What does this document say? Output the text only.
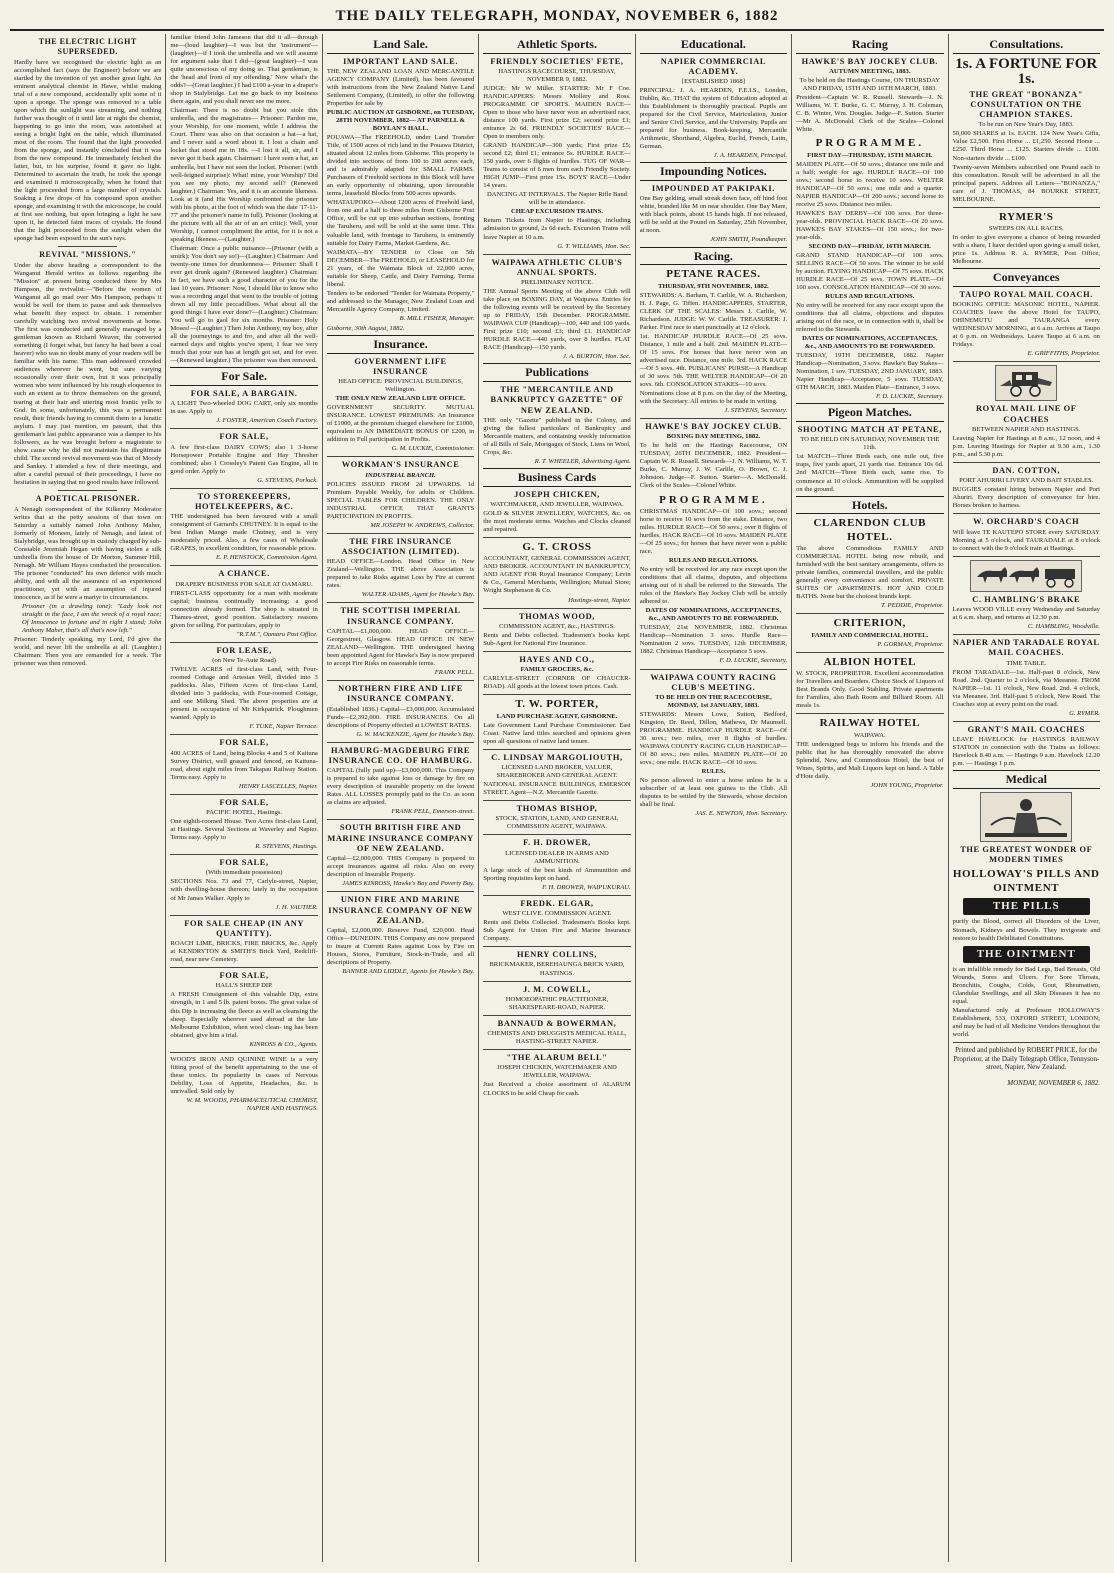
THE DAILY TELEGRAPH, MONDAY, NOVEMBER 6, 1882
THE ELECTRIC LIGHT SUPERSEDED.

Hardly have we recognised the electric light as an accomplished fact (says the Engineer) before we are startled by the invention of yet another great light. An eminent analytical chemist in Hawe, whilst making trial of a new compound, accidentally split some of it upon a sponge. The sponge was removed to a table upon which the sunlight was streaming, and nothing further was thought of it until late at night the chemist, happening to go into the room, was astonished at seeing a bright light on the table, which illuminated most of the room. The found that the light proceeded from the sponge, and instantly concluded that it was from the new compound. He immediately fetched the latter, but, to his surprise, found it gave no light. Determined to ascertain the truth, he took the sponge and examined it microscopically, when he found that the light proceeded from a large number of crystals. Soaking a few drops of his compound upon another sponge, and examining it with the microscope, he could at first see nothing, but upon bringing a light he saw upon it, he detected faint traces of crystals. He found that the light proceeded from the sunlight when the sponge had been exposed to the sun's rays.

REVIVAL "MISSIONS."

Under the above heading a correspondent to the Wanganui Herald writes as follows regarding the "Mission" at present being conducted there by Mrs Hampson, the revivalist:—"Before the women of Wanganui all go mad over Mrs Hampson, perhaps it would be well for them to pause and ask themselves what benefit they expect to obtain. I remember carefully watching two revival movements at home. The first was conducted and generally managed by a gentleman known as Richard Weaver, the converted something (I forget what, but fancy he had been a coal heaver) who was no doubt many of your readers will be familiar with his name. This man addressed crowded audiences wherever he went, but sure varying occasionally over their own, but it was principally women who were influenced by his rough eloquence to such an extent as to throw themselves on the ground, tearing at their hair and uttering most frantic yells to God. In some, unfortunately, this was a permanent result, their friends having to commit them to a lunatic asylum. I may just mention, en passant, that this gentleman's last public appearance was a damper to his followers, as he was brought before a magistrate to show cause why he did not maintain his illegitimate child. The second revival movement was that of Moody and Sankey. I attended a few of their meetings, and after a careful perusal of their proceedings, I have no hesitation in saying that no good results have followed.

A POETICAL PRISONER.

A Nenagh correspondent of the Kilkenny Moderator writes that at the petty sessions of that town on Saturday a suitably named John Anthony Maher, formerly of Moneen, lately of Nenagh, and latest of Stalybridge, was brought up in custody charged by sub-Constable Jeremiah Hegan with having stolen a silk umbrella from the house of Dr Morton, Summer Hill, Nenagh. Mr William Hayes conducted the prosecution. The prisoner "conducted" his own defence with much ability, and with all the assurance of an experienced practitioner, yet with an assumption of injured innocence, as if he were a martyr to circumstances.

Prisoner (in a drawling tone): "Lady look not straight in the face, I am the wreck of a royal race; Of Innocence in fortune and in right I stand; John Anthony Maher, that's all that's now left."

Prisoner: Tenderly speaking, my Lord, I'd give the world, and never lift the umbrella at all. (Laughter.) Chairman: Then you are remanded for a week. The prisoner was then removed.

familiar friend John Jameson that did it all—through me—(loud laughter)—I was but the 'instrument'—(laughter)—if I took the umbrella and we will assume for argument sake that I did—(great laughter)—I was quite unconscious of my doing so. That gentleman, is the 'head and front of my offending.' Now what's the odds?—(Great laughter.) I had £100 a-year in a draper's shop in Stalybridge. Let me go back to my business there again, and you shall never see me more.

Chairman: There is no doubt but you stole this umbrella, and the magistrates— Prisoner: Pardon me, your Worship, for one moment, while I address the Court. There was also on that occasion a hat—a hat, and I never said a word about it. I lost a chain and locket that stood me in 18s. —I lost it all, sir, and I never got it back again. Chairman: I have seen a hat, an umbrella, but I have not seen the locket. Prisoner: (with well-feigned surprise): What! mine, your Worship? Did you see my photo, my second self? (Renewed laughter.) Chairman: Yes, and it is an accurate likeness. Look at it (and His Worship confronted the prisoner with his photo, at the foot of which was the date '17-11-77' and the prisoner's name in full). Prisoner (looking at the picture with all the air of an art critic): Well, your Worship, I cannot compliment the artist, for it is not a speaking likeness.—(Laughter.)

Chairman: Once a public nuisance—(Prisoner (with a smirk): You don't say so!)—(Laughter.) Chairman: And twenty-one times for drunkenness— Prisoner: Shall I ever get drunk again? (Renewed laughter.) Chairman: In fact, we have such a good character of you for the last 10 years. Prisoner: Now, I should like to know who was a recording angel that went to the trouble of jotting down all my little peccadilloes. What about all the good things I have ever done?—(Laughter.) Chairman: You will go to gaol for six months. Prisoner: Holy Moses!—(Laughter.) Then John Anthony, my boy, after all the journeyings to and fro, and after all the well-earned days and nights you've spent, I fear we very much that your sun has at length got set, and for ever.—(Renewed laughter.) The prisoner was then removed.

For Sale.
FOR SALE, A BARGAIN.

A LIGHT Two-wheeled DOG CART, only six months in use. Apply to

J. FOSTER, American Coach Factory.

FOR SALE,

A few first-class DAIRY COWS; also 1 3-horse Horsepower Portable Engine and Hay Thresher combined; also 1 Crossley's Patent Gas Engine, all in good order. Apply to

G. STEVENS, Porlock.

TO STOREKEEPERS, HOTELKEEPERS, &C.

THE undersigned has been favoured with a small consignment of Garrard's CHUTNEY. It is equal to the best Indian Mango made Chutney, and is very moderately priced. Also, a few cases of Wholesale GRAPES, in excellent condition, for reasonable prices.

E. P. HENSTOCK, Commission Agent.

A CHANCE.

DRAPERY BUSINESS FOR SALE AT OAMARU.

FIRST-CLASS opportunity for a man with moderate capital; business continually increasing; a good connection already formed. The shop is situated in Thames-street, good position. Satisfactory reasons given for selling. For particulars, apply to

"R.T.M.", Oamaru Post Office.

FOR LEASE,

(on New Te-Aute Road)

TWELVE ACRES of first-class Land, with Four-roomed Cottage and Artesian Well, divided into 3 paddocks. Also, Fifteen Acres of first-class Land, divided into 3 paddocks, with Four-roomed Cottage, and one Milking Shed. The above properties are at present in occupation of Mr Kirkpatrick. Ploughmen wanted. Apply to

F. TUKE, Napier Terrace.

FOR SALE,

400 ACRES of Land, being Blocks 4 and 5 of Kaituna Survey District, well grassed and fenced, on Kaituna-road, about eight miles from Takapau Railway Station. Terms easy. Apply to

HENRY LASCELLES, Napier.

FOR SALE,

PACIFIC HOTEL, Hastings.

One eighth-roomed House. Two Acres first-class Land, at Hastings. Several Sections at Waverley and Napier. Terms easy. Apply to

R. STEVENS, Hastings.

FOR SALE,

(With immediate possession)

SECTIONS Nos. 73 and 77, Carlyle-street, Napier, with dwelling-house thereon; lately in the occupation of Mr James Walker. Apply to

J. H. VAUTIER.

FOR SALE CHEAP (IN ANY QUANTITY).

ROACH LIME, BRICKS, FIRE BRICKS, &c. Apply at KENDRYTON & SMITH'S Brick Yard, Redcliff-road, near new Cemetery.

FOR SALE,

HALL'S SHEEP DIP.

A FRESH Consignment of this valuable Dip, extra strength, in 1 and 5 lb. patent boxes. The great value of this Dip is increasing the fleece as well as cleansing the sheep. Especially wherever used abroad at the late Melbourne Exhibition, when wool clean- ing has been obtained, give him a trial.

KINROSS & CO., Agents.

WOOD'S IRON AND QUININE WINE is a very fitting proof of the benefit appertaining to the use of these tonics. Its popularity in cases of Nervous Debility, Loss of Appetite, Headaches, &c. is unrivalled. Sold only by

W. M. WOODS, PHARMACEUTICAL CHEMIST, NAPIER AND HASTINGS.

Land Sale.
IMPORTANT LAND SALE.

THE NEW ZEALAND LOAN AND MERCANTILE AGENCY COMPANY (Limited), has been favoured with instructions from the New Zealand Native Land Settlement Company, (Limited), to offer the following Properties for sale by

PUBLIC AUCTION AT GISBORNE, on TUESDAY, 28TH NOVEMBER, 1882— AT PARNELL & BOYLAN'S HALL.

POUAWA—The FREEHOLD, under Land Transfer Title, of 1500 acres of rich land in the Pouawa District, situated about 12 miles from Gisborne. This property is divided into sections of from 100 to 200 acres each, and is admirably adapted for SMALL FARMS. Purchasers of Freehold sections in this Block will have an early opportunity of obtaining, upon favourable terms, leasehold Blocks from 500 acres upwards.

WHATAUPOKO—About 1200 acres of Freehold land, from one and a half to three miles from Gisborne Post Office, will be cut up into suburban sections, fronting the Taruheru, and will be sold at the same time. This valuable land, with frontage to Taruheru, is eminently suitable for Dairy Farms, Market Gardens, &c.

WAIMATA—BY TENDER to Close on 5th DECEMBER—The FREEHOLD, or LEASEHOLD for 21 years, of the Waimata Block of 22,000 acres, suitable for Sheep, Cattle, and Dairy Farming. Terms liberal.

Tenders to be endorsed "Tender for Waimata Property," and addressed to the Manager, New Zealand Loan and Mercantile Agency Company, Limited.

B. MILL FISHER, Manager.

Gisborne, 30th August, 1882.

Insurance.
GOVERNMENT LIFE INSURANCE

HEAD OFFICE: PROVINCIAL BUILDINGS, Wellington.

THE ONLY NEW ZEALAND LIFE OFFICE.

GOVERNMENT SECURITY. MUTUAL INSURANCE. LOWEST PREMIUMS. An Insurance of £1000, at the premium charged elsewhere for £1000, equivalent to AN IMMEDIATE BONUS OF £200, in addition to Full participation in Profits.

G. M. LUCKIE, Commissioner.

WORKMAN'S INSURANCE

INDUSTRIAL BRANCH.

POLICIES ISSUED FROM 2d UPWARDS. 1d Premium Payable Weekly, for adults or Children. SPECIAL TABLES FOR CHILDREN. THE ONLY INDUSTRIAL OFFICE THAT GRANTS PARTICIPATION IN PROFITS.

MR JOSEPH W. ANDREWS, Collector.

THE FIRE INSURANCE ASSOCIATION (LIMITED).

HEAD OFFICE—London. Head Office in New Zealand—Wellington. THE above Association is prepared to take Risks against Loss by Fire at current rates.

WALTER ADAMS, Agent for Hawke's Bay.

THE SCOTTISH IMPERIAL INSURANCE COMPANY.

CAPITAL—£1,000,000. HEAD OFFICE—Georgestreet, Glasgow. HEAD OFFICE IN NEW ZEALAND—Wellington. THE undersigned having been appointed Agent for Hawke's Bay is now prepared to accept Fire Risks on reasonable terms.

FRANK PELL.

NORTHERN FIRE AND LIFE INSURANCE COMPANY.

(Established 1836.) Capital—£3,000,000. Accumulated Funds—£2,392,000. FIRE INSURANCES. On all descriptions of Property effected at LOWEST RATES.

G. W. MACKENZIE, Agent for Hawke's Bay.

HAMBURG-MAGDEBURG FIRE INSURANCE CO. OF HAMBURG.

CAPITAL (fully paid up)—£3,000,000. This Company is prepared to take against loss or damage by fire on every description of insurable property on the lowest Rates. ALL LOSSES promptly paid to the Co. as soon as claims are adjusted.

FRANK PELL, Emerson-street.

SOUTH BRITISH FIRE AND MARINE INSURANCE COMPANY OF NEW ZEALAND.

Capital—£2,000,000. THIS Company is prepared to accept insurances against all risks. Also on every description of Insurable Property.

JAMES KINROSS, Hawke's Bay and Poverty Bay.

UNION FIRE AND MARINE INSURANCE COMPANY OF NEW ZEALAND.

Capital, £2,000,000. Reserve Fund, £20,000. Head Office—DUNEDIN. THIS Company are now prepared to insure at Current Rates against Loss by Fire on Houses, Stores, Furniture, Stock-in-Trade, and all descriptions of Property.

BANNER AND LIDDLE, Agents for Hawke's Bay.

Athletic Sports.
FRIENDLY SOCIETIES' FETE,

HASTINGS RACECOURSE, THURSDAY, NOVEMBER 9, 1882.

JUDGE: Mr W Miller. STARTER: Mr F Coe. HANDICAPPERS: Messrs Mollery and Ross. PROGRAMME OF SPORTS. MAIDEN RACE—Open to those who have never won an advertised race, distance 100 yards. First prize £2; second prize £1; entrance 2s 6d. FRIENDLY SOCIETIES' RACE—Open to members only.

GRAND HANDICAP—300 yards; First prize £5; second £2; third £1; entrance 5s. HURDLE RACE—150 yards, over 6 flights of hurdles. TUG OF WAR—Teams to consist of 6 men from each Friendly Society. HIGH JUMP—First prize 15s. BOYS' RACE—Under 14 years.

DANCING AT INTERVALS. The Napier Rifle Band will be in attendance.

CHEAP EXCURSION TRAINS.

Return Tickets from Napier to Hastings, including admission to ground, 2s 6d each. Excursion Trains will leave Napier at 10 a.m.

G. T. WILLIAMS, Hon. Sec.

WAIPAWA ATHLETIC CLUB'S ANNUAL SPORTS.

PRELIMINARY NOTICE.

THE Annual Sports Meeting of the above Club will take place on BOXING DAY, at Waipawa. Entries for the following events will be received by the Secretary up to FRIDAY, 15th December. PROGRAMME. WAIPAWA CUP (Handicap)—100, 440 and 100 yards. First prize £10; second £3; third £1. HANDICAP HURDLE RACE—440 yards, over 8 hurdles. FLAT RACE (Handicap)—150 yards.

J. A. BURTON, Hon. Sec.

Publications
THE "MERCANTILE AND BANKRUPTCY GAZETTE" OF NEW ZEALAND.

THE only "Gazette" published in the Colony, and giving the fullest particulars of Bankruptcy and Mercantile matters, and containing weekly information of all Bills of Sale, Mortgages of Stock, Liens on Wool, Crops, &c.

R. T. WHEELER, Advertising Agent.

Business Cards
JOSEPH CHICKEN,

WATCHMAKER, AND JEWELLER, WAIPAWA.

GOLD & SILVER JEWELLERY, WATCHES, &c. on the most moderate terms. Watches and Clocks cleaned and repaired.

G. T. CROSS

ACCOUNTANT, GENERAL COMMISSION AGENT, AND BROKER. ACCOUNTANT IN BANKRUPTCY, AND AGENT FOR Royal Insurance Company; Levin & Co., General Merchants, Wellington; Mutual Store; Wright Stephenson & Co.

Hastings-street, Napier.

THOMAS WOOD,

COMMISSION AGENT, &c., HASTINGS.

Rents and Debts collected. Tradesmen's books kept. Sub-Agent for National Fire Insurance.

HAYES AND CO.,

FAMILY GROCERS, &c.

CARLYLE-STREET (CORNER OF CHAUCER-ROAD). All goods at the lowest town prices. Cash.

T. W. PORTER,

LAND PURCHASE AGENT, GISBORNE.

Late Government Land Purchase Commissioner. East Coast. Native land titles searched and opinions given upon all questions of native land tenure.

C. LINDSAY MARGOLIOUTH,

LICENSED LAND BROKER, VALUER, SHAREBROKER AND GENERAL AGENT.

NATIONAL INSURANCE BUILDINGS, EMERSON STREET. Agent—N.Z. Mercantile Gazette.

THOMAS BISHOP,

STOCK, STATION, LAND, AND GENERAL COMMISSION AGENT, WAIPAWA.

F. H. DROWER,

LICENSED DEALER IN ARMS AND AMMUNITION.

A large stock of the best kinds of Ammunition and Sporting requisites kept on hand.

F. H. DROWER, WAIPUKURAU.

FREDK. ELGAR,

WEST CLIVE. COMMISSION AGENT.

Rents and Debts Collected. Tradesmen's Books kept. Sub Agent for Union Fire and Marine Insurance Company.

HENRY COLLINS,

BRICKMAKER, BEREHAUNGA BRICK YARD, HASTINGS.

J. M. COWELL,

HOMOEOPATHIC PRACTITIONER, SHAKESPEARE-ROAD, NAPIER.

BANNAUD & BOWERMAN,

CHEMISTS AND DRUGGISTS MEDICAL HALL, HASTING-STREET NAPIER.

"THE ALARUM BELL"

JOSEPH CHICKEN, WATCHMAKER AND JEWELLER, WAIPAWA.

Just Received a choice assortment of ALARUM CLOCKS to be sold Cheap for cash.

Educational.
NAPIER COMMERCIAL ACADEMY.

[ESTABLISHED 1868]

PRINCIPAL: J. A. HEARDEN, F.E.I.S., London, Dublin, &c. THAT the system of Education adopted at this Establishment is thoroughly practical. Pupils are prepared for the Civil Service, Matriculation, Junior and Senior Civil Service, and the University. Pupils are prepared for business. Book-keeping, Mercantile Arithmetic, Shorthand, Algebra, Euclid, French, Latin, German.

J. A. HEARDEN, Principal.

Impounding Notices.
IMPOUNDED AT PAKIPAKI.

One Bay gelding, small streak down face, off hind foot white, branded like M on near shoulder. One Bay Mare, with black points, about 15 hands high. If not released, will be sold at the Pound on Saturday, 25th November, at noon.

JOHN SMITH, Poundkeeper.

Racing.
PETANE RACES.

THURSDAY, 9TH NOVEMBER, 1882.

STEWARDS: A. Barham, T. Carlile, W. A. Richardson, H. J. Page, G. Tiffen. HANDICAPPERS, STARTER, CLERK OF THE SCALES: Messrs J. Carlile, W. Richardson. JUDGE: W. W. Carlile. TREASURER: J. Parker. First race to start punctually at 12 o'clock.

1st. HANDICAP HURDLE RACE—Of 25 sovs. Distance, 1 mile and a half. 2nd. MAIDEN PLATE—Of 15 sovs. For horses that have never won an advertised race. Distance, one mile. 3rd. HACK RACE—Of 5 sovs. 4th. PUBLICANS' PURSE—A Handicap of 30 sovs. 5th. THE WELTER HANDICAP—Of 20 sovs. 6th. CONSOLATION STAKES—10 sovs.

Nominations close at 8 p.m. on the day of the Meeting, with the Secretary. All entries to be made in writing.

J. STEVENS, Secretary.

HAWKE'S BAY JOCKEY CLUB.

BOXING DAY MEETING, 1882.

To be held on the Hastings Racecourse, ON TUESDAY, 26TH DECEMBER, 1882. President—Captain W. R. Russell. Stewards—J. N. Williams, W. T. Burke, C. Murray, J. W. Carlile, O. Brown, C. J. Johnston. Judge—F. Sutton. Starter—A. McDonald. Clerk of the Scales—Colonel White.

PROGRAMME.

CHRISTMAS HANDICAP—Of 100 sovs.; second horse to receive 10 sovs from the stake. Distance, two miles. HURDLE RACE—Of 50 sovs.; over 8 flights of hurdles. HACK RACE—Of 10 sovs. MAIDEN PLATE—Of 25 sovs.; for horses that have never won a public race.

RULES AND REGULATIONS.

No entry will be received for any race except upon the conditions that all claims, disputes, and objections arising out of it shall be referred to the Stewards. The rules of the Hawke's Bay Jockey Club will be strictly adhered to.

DATES OF NOMINATIONS, ACCEPTANCES, &c., AND AMOUNTS TO BE FORWARDED.

TUESDAY, 21st NOVEMBER, 1882. Christmas Handicap—Nomination 3 sovs. Hurdle Race—Nomination 2 sovs. TUESDAY, 12th DECEMBER, 1882. Christmas Handicap—Acceptance 5 sovs.

F. D. LUCKIE, Secretary.

WAIPAWA COUNTY RACING CLUB'S MEETING.

TO BE HELD ON THE RACECOURSE, MONDAY, 1st JANUARY, 1883.

STEWARDS: Messrs Lowe, Sutton, Bedford, Kingston, Dr. Reed, Dillon, Mathews, Dr Maunsell. PROGRAMME. HANDICAP HURDLE RACE—Of 30 sovs.; two miles, over 8 flights of hurdles. WAIPAWA COUNTY RACING CLUB HANDICAP—Of 80 sovs.; two miles. MAIDEN PLATE—Of 20 sovs.; one mile. HACK RACE—Of 10 sovs.

RULES.

No person allowed to enter a horse unless he is a subscriber of at least one guinea to the Club. All disputes to be settled by the Stewards, whose decision shall be final.

JAS. E. NEWTON, Hon. Secretary.

Racing
HAWKE'S BAY JOCKEY CLUB.

AUTUMN MEETING, 1883.

To be held on the Hastings Course, ON THURSDAY AND FRIDAY, 15TH AND 16TH MARCH, 1883.

President—Captain W. R. Russell. Stewards—J. N. Williams, W. T. Burke, G. C. Murray, J. H. Coleman, C. B. Winter, Wm. Douglas. Judge—F. Sutton. Starter—Mr A. McDonald. Clerk of the Scales—Colonel White.

PROGRAMME.

FIRST DAY—THURSDAY, 15TH MARCH.

MAIDEN PLATE—Of 50 sovs.; distance one mile and a half; weight for age. HURDLE RACE—Of 100 sovs.; second horse to receive 10 sovs. WELTER HANDICAP—Of 50 sovs.; one mile and a quarter. NAPIER HANDICAP—Of 200 sovs.; second horse to receive 25 sovs. Distance two miles.

HAWKE'S BAY DERBY—Of 100 sovs. For three-year-olds. PROVINCIAL HACK RACE—Of 20 sovs. HAWKE'S BAY STAKES—Of 150 sovs.; for two-year-olds.

SECOND DAY—FRIDAY, 16TH MARCH.

GRAND STAND HANDICAP—Of 100 sovs. SELLING RACE—Of 50 sovs. The winner to be sold by auction. FLYING HANDICAP—Of 75 sovs. HACK HURDLE RACE—Of 25 sovs. TOWN PLATE—Of 100 sovs. CONSOLATION HANDICAP—Of 30 sovs.

RULES AND REGULATIONS.

No entry will be received for any race except upon the conditions that all claims, objections and disputes arising out of the race, or in connection with it, shall be referred to the Stewards.

DATES OF NOMINATIONS, ACCEPTANCES, &c., AND AMOUNTS TO BE FORWARDED.

TUESDAY, 19TH DECEMBER, 1882. Napier Handicap—Nomination, 3 sovs. Hawke's Bay Stakes—Nomination, 1 sov. TUESDAY, 2ND JANUARY, 1883. Napier Handicap—Acceptance, 5 sovs. TUESDAY, 6TH MARCH, 1883. Maiden Plate—Entrance, 3 sovs.

F. D. LUCKIE, Secretary.

Pigeon Matches.
SHOOTING MATCH AT PETANE,

TO BE HELD ON SATURDAY, NOVEMBER THE 11th.

1st MATCH—Three Birds each, one mile out, five traps, five yards apart, 21 yards rise. Entrance 10s 6d. 2nd MATCH—Three Birds each, same rise. To commence at 10 o'clock. Ammunition will be supplied on the ground.

Hotels.
CLARENDON CLUB HOTEL.

The above Commodious FAMILY AND COMMERCIAL HOTEL being now rebuilt, and furnished with the best sanitary arrangements, offers to private families, commercial travellers, and the public generally every convenience and comfort. PRIVATE SUITES OF APARTMENTS. HOT AND COLD BATHS. None but the choicest brands kept.

T. PEDDIE, Proprietor.

CRITERION,

FAMILY AND COMMERCIAL HOTEL.

P. GORMAN, Proprietor.

ALBION HOTEL

W. STOCK, PROPRIETOR. Excellent accommodation for Travellers and Boarders. Choice Stock of Liquors of Best Brands Only. Good Stabling. Private apartments for Families, also Bath Room and Billiard Room. All meals 1s.

RAILWAY HOTEL

WAIPAWA.

THE undersigned begs to inform his friends and the public that he has thoroughly renovated the above Splendid, New, and Commodious Hotel, the best of Wines, Spirits, and Malt Liquors kept on hand. A Table d'Hote daily.

JOHN YOUNG, Proprietor.

Consultations.
1s. A FORTUNE FOR 1s.
THE GREAT "BONANZA" CONSULTATION ON THE CHAMPION STAKES.

To be run on New Year's Day, 1883.

50,000 SHARES at 1s. EACH. 124 New Year's Gifts, Value £2,500. First Horse ... £1,250. Second Horse ... £250. Third Horse ... £125. Starters divide ... £100. Non-starters divide ... £100.

Twenty-seven Members subscribed one Pound each to this consultation. Result will be advertised in all the principal papers. Address all Letters—"BONANZA," care of J. THOMAS, 84 BOURKE STREET, MELBOURNE.

RYMER'S

SWEEPS ON ALL RACES.

In order to give everyone a chance of being rewarded with a share, I have decided upon giving a small ticket, price 1s. Address R. A. RYMER, Post Office, Melbourne.

Conveyances
TAUPO ROYAL MAIL COACH.

BOOKING OFFICE: MASONIC HOTEL, NAPIER. COACHES leave the above Hotel for TAUPO, OHINEMUTU and TAURANGA every WEDNESDAY MORNING, at 6 a.m. Arrives at Taupo at 6 p.m. on Wednesdays. Leave Taupo at 6 a.m. on Fridays.

E. GRIFFITHS, Proprietor.

ROYAL MAIL LINE OF COACHES

BETWEEN NAPIER AND HASTINGS.

Leaving Napier for Hastings at 8 a.m., 12 noon, and 4 p.m. Leaving Hastings for Napier at 9.30 a.m., 1.30 p.m., and 5.30 p.m.

DAN. COTTON,

PORT AHURIRI LIVERY AND BAIT STABLES.

BUGGIES constant hiring between Napier and Port Ahuriri. Every description of conveyance for hire. Horses broken to harness.

W. ORCHARD'S COACH

Will leave TE KAUTEPO STORE every SATURDAY Morning at 5 o'clock, and TAURADALE at 8 o'clock to connect with the 9 o'clock train at Hastings.

C. HAMBLING'S BRAKE

Leaves WOOD VILLE every Wednesday and Saturday at 6 a.m. sharp, and returns at 12.30 p.m.

C. HAMBLING, Woodville.

NAPIER AND TARADALE ROYAL MAIL COACHES.

TIME TABLE.

FROM TARADALE—1st. Half-past 8 o'clock, New Road. 2nd. Quarter to 2 o'clock, via Meeanee. FROM NAPIER—1st. 11 o'clock, New Road. 2nd. 4 o'clock, via Meeanee. 3rd. Half-past 5 o'clock, New Road. The Coaches stop at every point on the road.

G. RYMER.

GRANT'S MAIL COACHES

LEAVE HAVELOCK for HASTINGS RAILWAY STATION in connection with the Trains as follows: Havelock 8.40 a.m. — Hastings 9 a.m. Havelock 12.20 p.m. — Hastings 1 p.m.

Medical
THE GREATEST WONDER OF MODERN TIMES
HOLLOWAY'S PILLS AND OINTMENT
THE PILLS

purify the Blood, correct all Disorders of the Liver, Stomach, Kidneys and Bowels. They invigorate and restore to health Debilitated Constitutions.

THE OINTMENT

is an infallible remedy for Bad Legs, Bad Breasts, Old Wounds, Sores and Ulcers. For Sore Throats, Bronchitis, Coughs, Colds, Gout, Rheumatism, Glandular Swellings, and all Skin Diseases it has no equal.

Manufactured only at Professor HOLLOWAY'S Establishment, 533, OXFORD STREET, LONDON; and may be had of all Medicine Vendors throughout the world.

Printed and published by ROBERT PRICE, for the Proprietor, at the Daily Telegraph Office, Tennyson-street, Napier, New Zealand.

MONDAY, NOVEMBER 6, 1882.
